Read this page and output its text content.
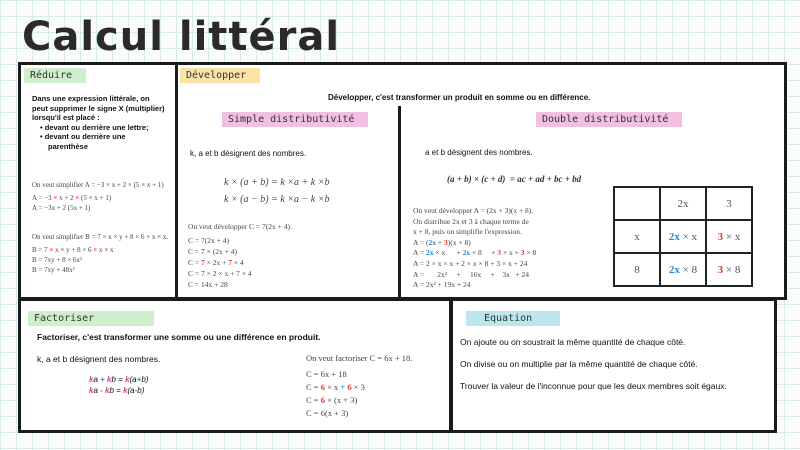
Calcul littéral
Réduire
Dans une expression littérale, on
peut supprimer le signe X (multiplier)
lorsqu'il est placé :
• devant ou derrière une lettre;
• devant ou derrière une
parenthèse
On veut simplifier A = −3 × x + 2 × (5 × x + 1)
A = −3 × x + 2 × (5 × x + 1)
A = −3x + 2 (5x + 1)
On veut simplifier B = 7 × x × y + 8 × 6 × x × x.
B = 7 × x × y + 8 × 6 × x × x
B = 7xy + 8 × 6x²
B = 7xy + 48x²
Développer
Développer, c'est transformer un produit en somme ou en différence.
Simple distributivité
k, a et b désignent des nombres.
k × (a + b) = k ×a + k ×b
k × (a − b) = k ×a − k ×b
On veut développer C = 7(2x + 4).
C = 7(2x + 4)
C = 7 × (2x + 4)
C = 7 × 2x + 7 × 4
C = 7 × 2 × x + 7 × 4
C = 14x + 28
Double distributivité
a et b désignent des nombres.
(a + b) × (c + d)  = ac + ad + bc + bd
On veut développer A = (2x + 3)(x + 8).
On distribue 2x et 3 à chaque terme de
x + 8, puis on simplifie l'expression.
A = (2x + 3)(x + 8)
A = 2x × x      + 2x × 8     + 3 × x + 3 × 8
A = 2 × x × x + 2 × x × 8 + 3 × x + 24
A =       2x²     +     16x     +    3x   + 24
A = 2x² + 19x + 24
	2x	3
x	2x × x	3 × x
8	2x × 8	3 × 8
Factoriser
Factoriser, c'est transformer une somme ou une différence en produit.
k, a et b désignent des nombres.
ka + kb = k(a+b)
ka - kb = k(a-b)
On veut factoriser C = 6x + 18.
C = 6x + 18
C = 6 × x + 6 × 3
C = 6 × (x + 3)
C = 6(x + 3)
Equation
On ajoute ou on soustrait la même quantité de chaque côté.
On divise ou on multiplie par la même quantité de chaque côté.
Trouver la valeur de l'inconnue pour que les deux membres soit égaux.
